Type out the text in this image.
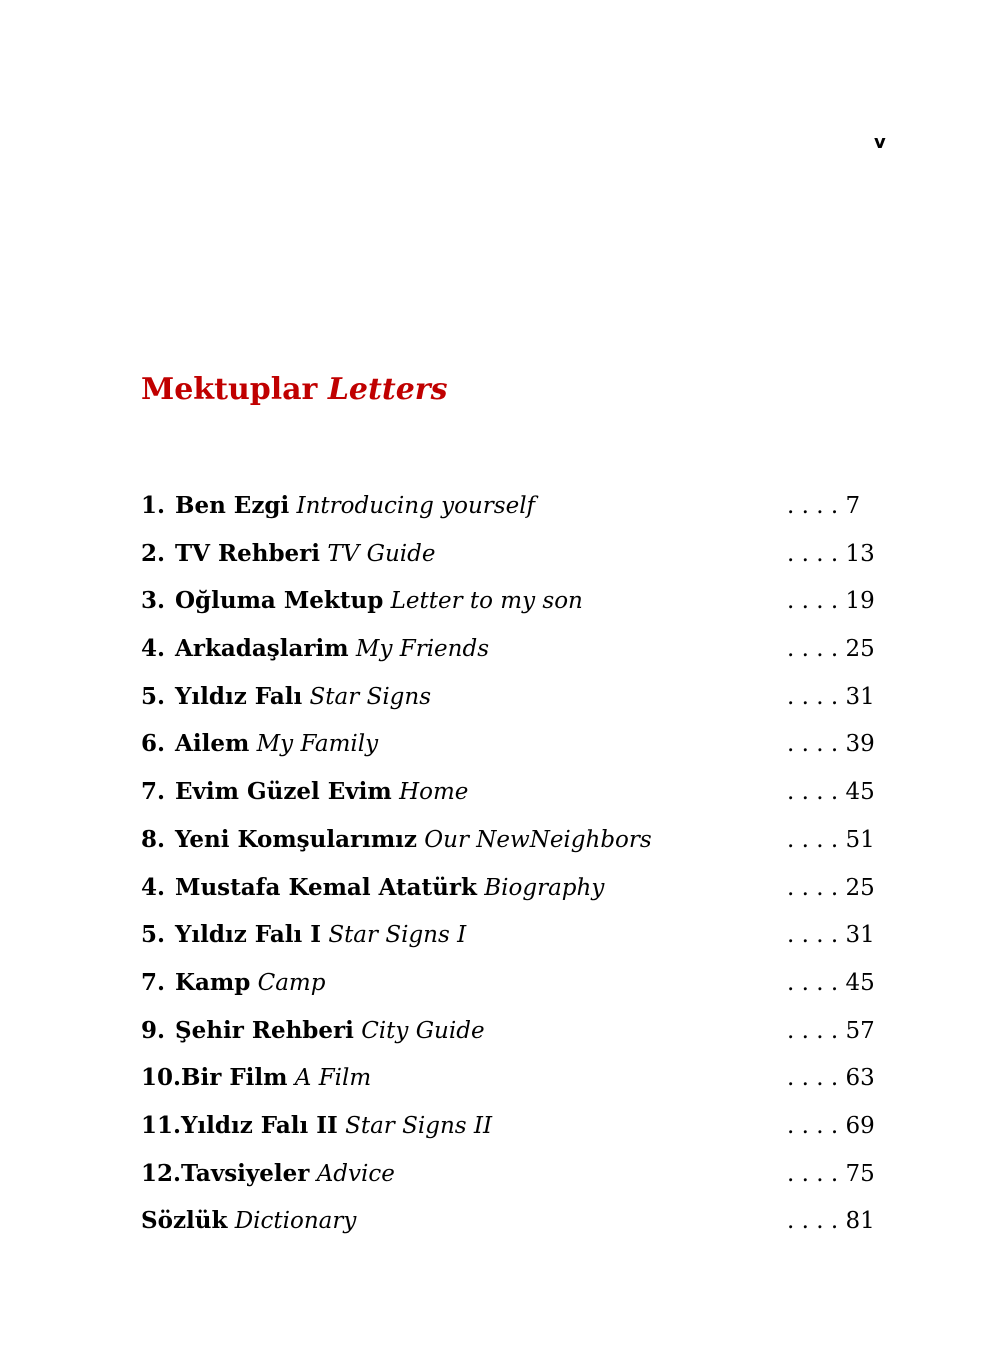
v
Mektuplar Letters
1. Ben Ezgi Introducing yourself	. . . . 7
2. TV Rehberi TV Guide	. . . . 13
3. Oğluma Mektup Letter to my son	. . . . 19
4. Arkadaşlarim My Friends	. . . . 25
5. Yıldız Falı Star Signs	. . . . 31
6. Ailem My Family	. . . . 39
7. Evim Güzel Evim Home	. . . . 45
8. Yeni Komşularımız Our NewNeighbors	. . . . 51
4. Mustafa Kemal Atatürk Biography	. . . . 25
5. Yıldız Falı I Star Signs I	. . . . 31
7. Kamp Camp	. . . . 45
9. Şehir Rehberi City Guide	. . . . 57
10.Bir Film A Film	. . . . 63
11.Yıldız Falı II Star Signs II	. . . . 69
12.Tavsiyeler Advice	. . . . 75
Sözlük Dictionary	. . . . 81
